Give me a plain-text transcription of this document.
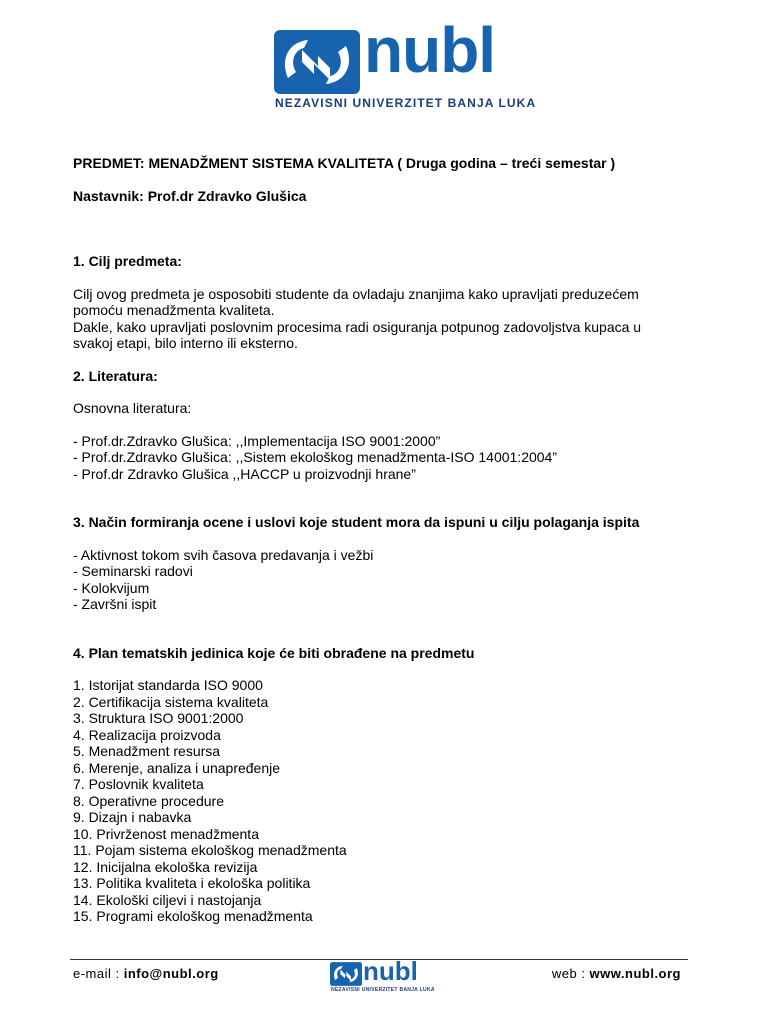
nubl
NEZAVISNI UNIVERZITET BANJA LUKA
PREDMET: MENADŽMENT SISTEMA KVALITETA ( Druga godina – treći semestar )
Nastavnik: Prof.dr Zdravko Glušica
1. Cilj predmeta:
Cilj ovog predmeta je osposobiti studente da ovladaju znanjima kako upravljati preduzećem
pomoću menadžmenta kvaliteta.
Dakle, kako upravljati poslovnim procesima radi osiguranja potpunog zadovoljstva kupaca u
svakoj etapi, bilo interno ili eksterno.
2. Literatura:
Osnovna literatura:
- Prof.dr.Zdravko Glušica: ,,Implementacija ISO 9001:2000”
- Prof.dr.Zdravko Glušica: ,,Sistem ekološkog menadžmenta-ISO 14001:2004”
- Prof.dr Zdravko Glušica ,,HACCP u proizvodnji hrane”
3. Način formiranja ocene i uslovi koje student mora da ispuni u cilju polaganja ispita
- Aktivnost tokom svih časova predavanja i vežbi
- Seminarski radovi
- Kolokvijum
- Završni ispit
4. Plan tematskih jedinica koje će biti obrađene na predmetu
1. Istorijat standarda ISO 9000
2. Certifikacija sistema kvaliteta
3. Struktura ISO 9001:2000
4. Realizacija proizvoda
5. Menadžment resursa
6. Merenje, analiza i unapređenje
7. Poslovnik kvaliteta
8. Operativne procedure
9. Dizajn i nabavka
10. Privrženost menadžmenta
11. Pojam sistema ekološkog menadžmenta
12. Inicijalna ekološka revizija
13. Politika kvaliteta i ekološka politika
14. Ekološki ciljevi i nastojanja
15. Programi ekološkog menadžmenta
e-mail : info@nubl.org	nubl
NEZAVISNI UNIVERZITET BANJA LUKA
web : www.nubl.org
